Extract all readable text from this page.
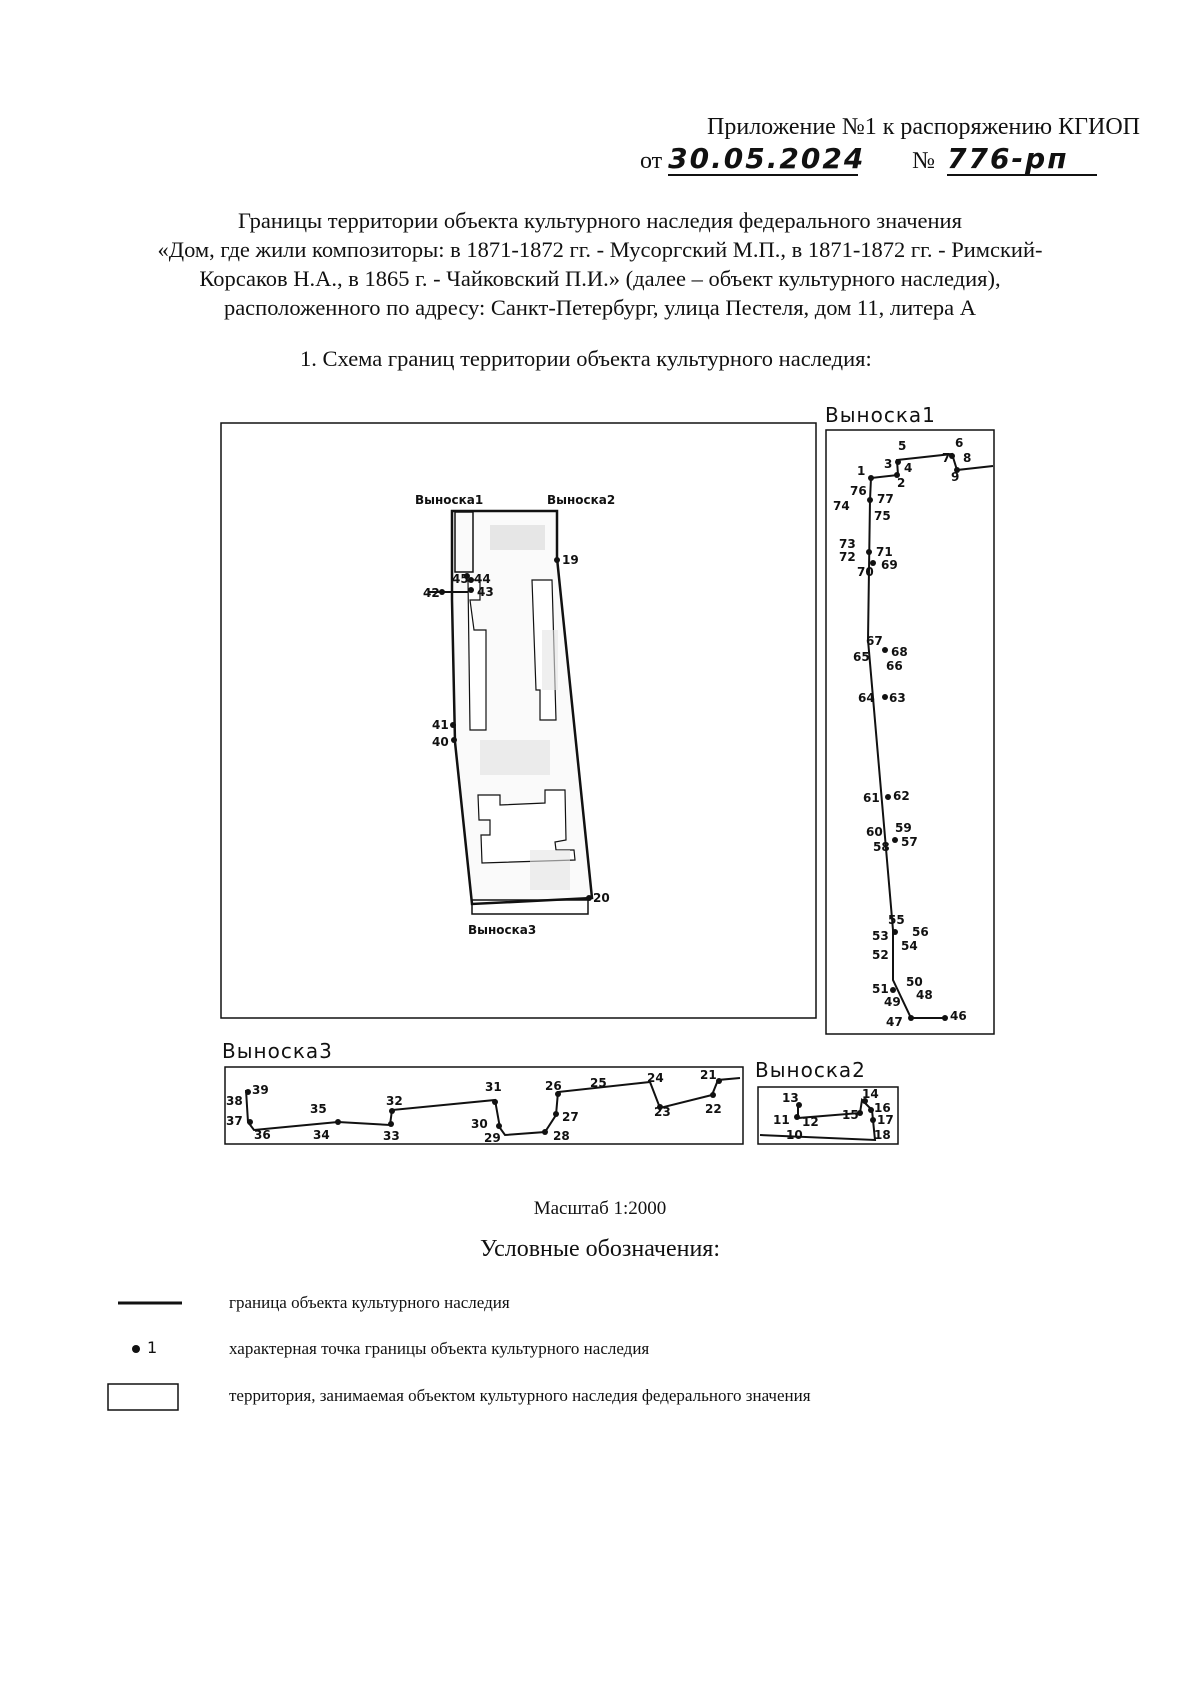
Приложение №1 к распоряжению КГИОП
от 30.05.2024 № 776-рп
Границы территории объекта культурного наследия федерального значения
«Дом, где жили композиторы: в 1871-1872 гг. - Мусоргский М.П., в 1871-1872 гг. - Римский-
Корсаков Н.А., в 1865 г. - Чайковский П.И.» (далее – объект культурного наследия),
расположенного по адресу: Санкт-Петербург, улица Пестеля, дом 11, литера А
1. Схема границ территории объекта культурного наследия:
45 44
43
42
41
40
19
20
Выноска1	Выноска2
Выноска3
Выноска1
1
2
3 4
5	6
7 8
9
76
77
74
75
73
71
72
69
70
67
68
65
66
64 63
61 62
60 59
58 57
55
56
53
54
52
51 50
49 48
47	46
Выноска3
38
39
37
36
35
34
32
33
31
30
29
26
27
28
25	24
23
21
22
Выноска2
13	14
11 12 15 16
17
10	18
1
Масштаб 1:2000
Условные обозначения:
граница объекта культурного наследия
характерная точка границы объекта культурного наследия
территория, занимаемая объектом культурного наследия федерального значения
